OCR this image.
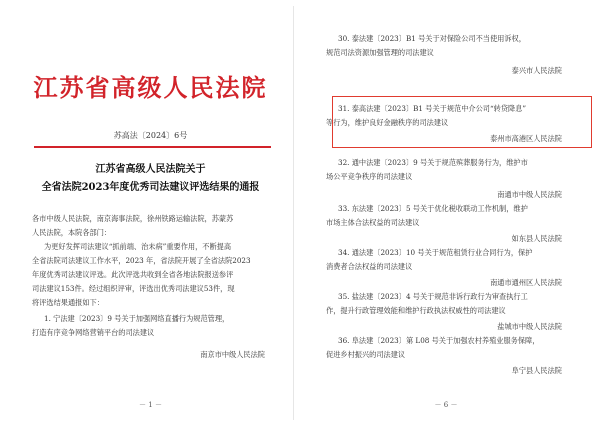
江苏省高级人民法院
苏高法〔2024〕6号
江苏省高级人民法院关于
全省法院2023年度优秀司法建议评选结果的通报
各市中级人民法院，南京海事法院，徐州铁路运输法院，苏蒙苏
人民法院，本院各部门：
为更好发挥司法建议“抓前端、治未病”重要作用，不断提高
全省法院司法建议工作水平，2023 年，省法院开展了全省法院2023
年度优秀司法建议评选。此次评选共收到全省各地法院报送参评
司法建议153件。经过组织评审，评选出优秀司法建议53件，现
将评选结果通报如下：
1. 宁法建〔2023〕9 号关于加强网络直播行为规范管理，
打造有序竞争网络营销平台的司法建议
南京市中级人民法院
－ 1 －
30. 泰法建〔2023〕B1 号关于对保险公司不当使用诉权，
规范司法资源加强管理的司法建议
泰兴市人民法院
31. 泰高法建〔2023〕B1 号关于规范中介公司“转贷降息”
等行为，维护良好金融秩序的司法建议
泰州市高港区人民法院
32. 通中法建〔2023〕9 号关于规范殡葬服务行为，维护市
场公平竞争秩序的司法建议
南通市中级人民法院
33. 东法建〔2023〕5 号关于优化税收联动工作机制，维护
市场主体合法权益的司法建议
如东县人民法院
34. 通法建〔2023〕10 号关于规范租赁行业合同行为，保护
消费者合法权益的司法建议
南通市通州区人民法院
35. 盐法建〔2023〕4 号关于规范非诉行政行为审查执行工
作，提升行政管理效能和维护行政执法权威性的司法建议
盐城市中级人民法院
36. 阜法建〔2023〕第 L08 号关于加强农村养殖业服务保障，
促进乡村振兴的司法建议
阜宁县人民法院
－ 6 －
